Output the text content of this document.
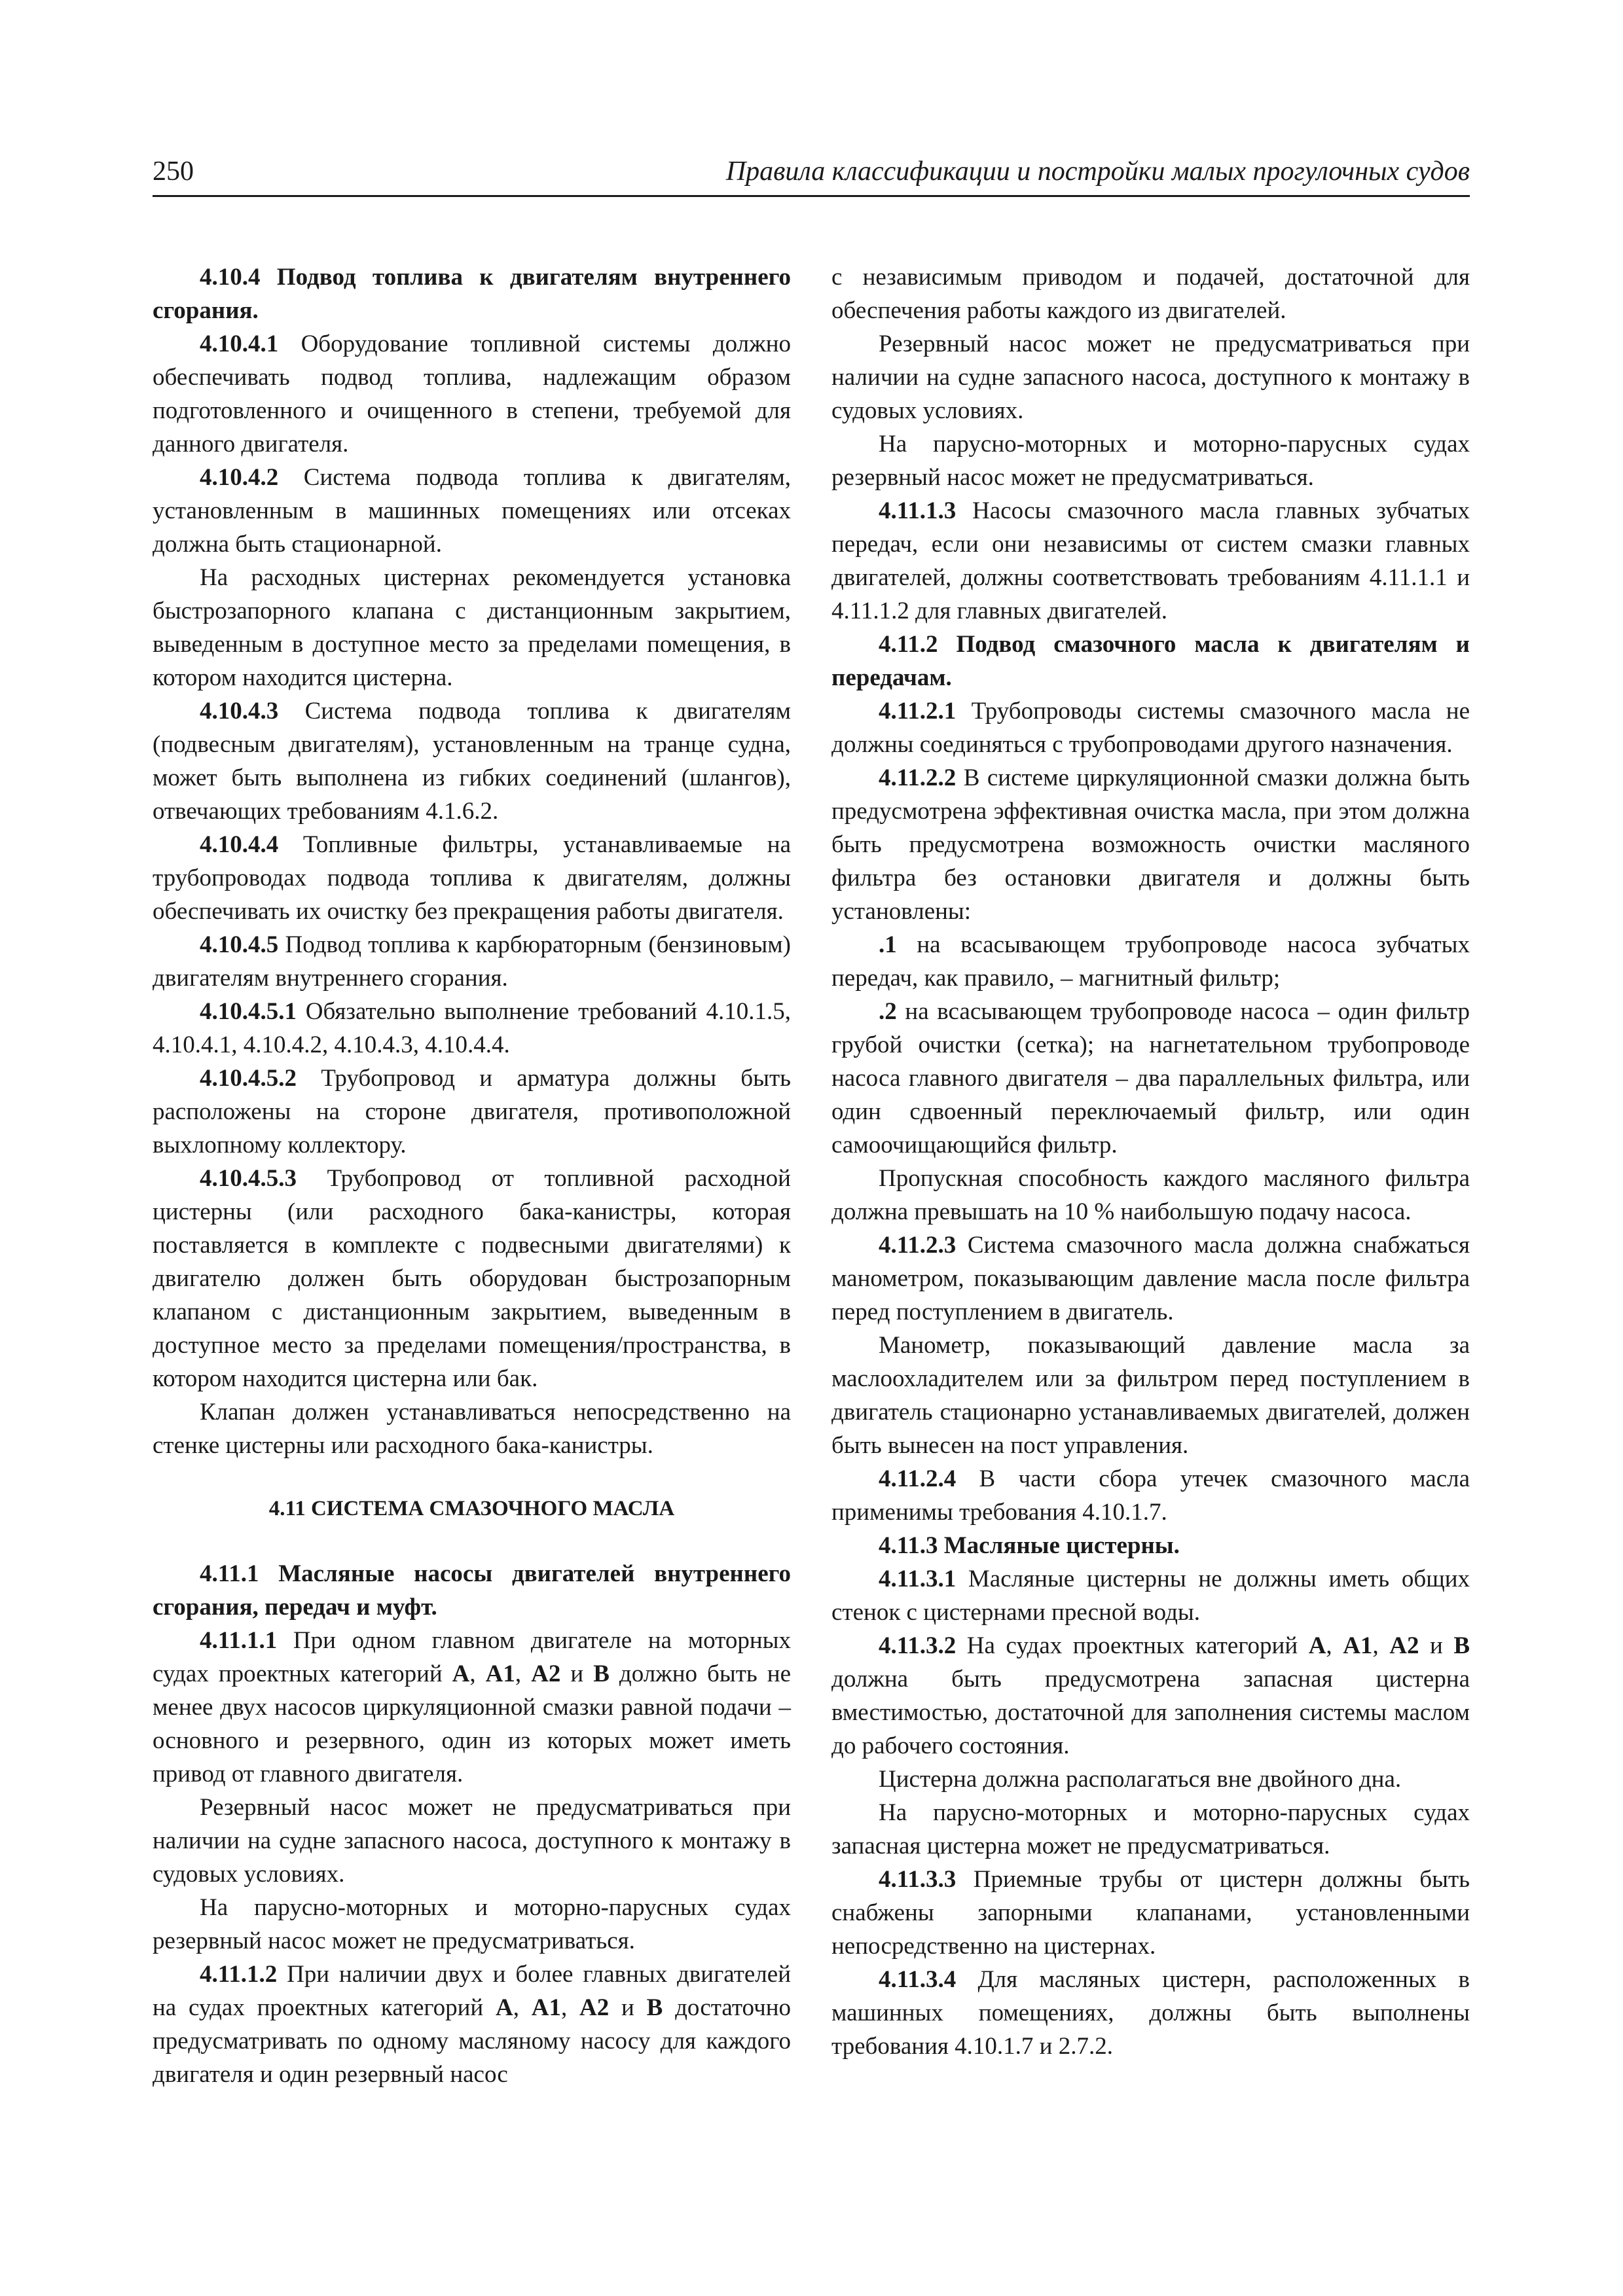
250	Правила классификации и постройки малых прогулочных судов

4.10.4 Подвод топлива к двигателям внутреннего сгорания.

4.10.4.1 Оборудование топливной системы должно обеспечивать подвод топлива, надлежащим образом подготовленного и очищенного в степени, требуемой для данного двигателя.

4.10.4.2 Система подвода топлива к двигателям, установленным в машинных помещениях или отсеках должна быть стационарной.

На расходных цистернах рекомендуется установка быстрозапорного клапана с дистанционным закрытием, выведенным в доступное место за пределами помещения, в котором находится цистерна.

4.10.4.3 Система подвода топлива к двигателям (подвесным двигателям), установленным на транце судна, может быть выполнена из гибких соединений (шлангов), отвечающих требованиям 4.1.6.2.

4.10.4.4 Топливные фильтры, устанавливаемые на трубопроводах подвода топлива к двигателям, должны обеспечивать их очистку без прекращения работы двигателя.

4.10.4.5 Подвод топлива к карбюраторным (бензиновым) двигателям внутреннего сгорания.

4.10.4.5.1 Обязательно выполнение требований 4.10.1.5, 4.10.4.1, 4.10.4.2, 4.10.4.3, 4.10.4.4.

4.10.4.5.2 Трубопровод и арматура должны быть расположены на стороне двигателя, противоположной выхлопному коллектору.

4.10.4.5.3 Трубопровод от топливной расходной цистерны (или расходного бака-канистры, которая поставляется в комплекте с подвесными двигателями) к двигателю должен быть оборудован быстрозапорным клапаном с дистанционным закрытием, выведенным в доступное место за пределами помещения/пространства, в котором находится цистерна или бак.

Клапан должен устанавливаться непосредственно на стенке цистерны или расходного бака-канистры.

4.11 СИСТЕМА СМАЗОЧНОГО МАСЛА

4.11.1 Масляные насосы двигателей внутреннего сгорания, передач и муфт.

4.11.1.1 При одном главном двигателе на моторных судах проектных категорий A, A1, A2 и B должно быть не менее двух насосов циркуляционной смазки равной подачи – основного и резервного, один из которых может иметь привод от главного двигателя.

Резервный насос может не предусматриваться при наличии на судне запасного насоса, доступного к монтажу в судовых условиях.

На парусно-моторных и моторно-парусных судах резервный насос может не предусматриваться.

4.11.1.2 При наличии двух и более главных двигателей на судах проектных категорий A, A1, A2 и B достаточно предусматривать по одному масляному насосу для каждого двигателя и один резервный насос

с независимым приводом и подачей, достаточной для обеспечения работы каждого из двигателей.

Резервный насос может не предусматриваться при наличии на судне запасного насоса, доступного к монтажу в судовых условиях.

На парусно-моторных и моторно-парусных судах резервный насос может не предусматриваться.

4.11.1.3 Насосы смазочного масла главных зубчатых передач, если они независимы от систем смазки главных двигателей, должны соответствовать требованиям 4.11.1.1 и 4.11.1.2 для главных двигателей.

4.11.2 Подвод смазочного масла к двигателям и передачам.

4.11.2.1 Трубопроводы системы смазочного масла не должны соединяться с трубопроводами другого назначения.

4.11.2.2 В системе циркуляционной смазки должна быть предусмотрена эффективная очистка масла, при этом должна быть предусмотрена возможность очистки масляного фильтра без остановки двигателя и должны быть установлены:

.1 на всасывающем трубопроводе насоса зубчатых передач, как правило, – магнитный фильтр;

.2 на всасывающем трубопроводе насоса – один фильтр грубой очистки (сетка); на нагнетательном трубопроводе насоса главного двигателя – два параллельных фильтра, или один сдвоенный переключаемый фильтр, или один самоочищающийся фильтр.

Пропускная способность каждого масляного фильтра должна превышать на 10 % наибольшую подачу насоса.

4.11.2.3 Система смазочного масла должна снабжаться манометром, показывающим давление масла после фильтра перед поступлением в двигатель.

Манометр, показывающий давление масла за маслоохладителем или за фильтром перед поступлением в двигатель стационарно устанавливаемых двигателей, должен быть вынесен на пост управления.

4.11.2.4 В части сбора утечек смазочного масла применимы требования 4.10.1.7.

4.11.3 Масляные цистерны.

4.11.3.1 Масляные цистерны не должны иметь общих стенок с цистернами пресной воды.

4.11.3.2 На судах проектных категорий A, A1, A2 и B должна быть предусмотрена запасная цистерна вместимостью, достаточной для заполнения системы маслом до рабочего состояния.

Цистерна должна располагаться вне двойного дна.

На парусно-моторных и моторно-парусных судах запасная цистерна может не предусматриваться.

4.11.3.3 Приемные трубы от цистерн должны быть снабжены запорными клапанами, установленными непосредственно на цистернах.

4.11.3.4 Для масляных цистерн, расположенных в машинных помещениях, должны быть выполнены требования 4.10.1.7 и 2.7.2.
